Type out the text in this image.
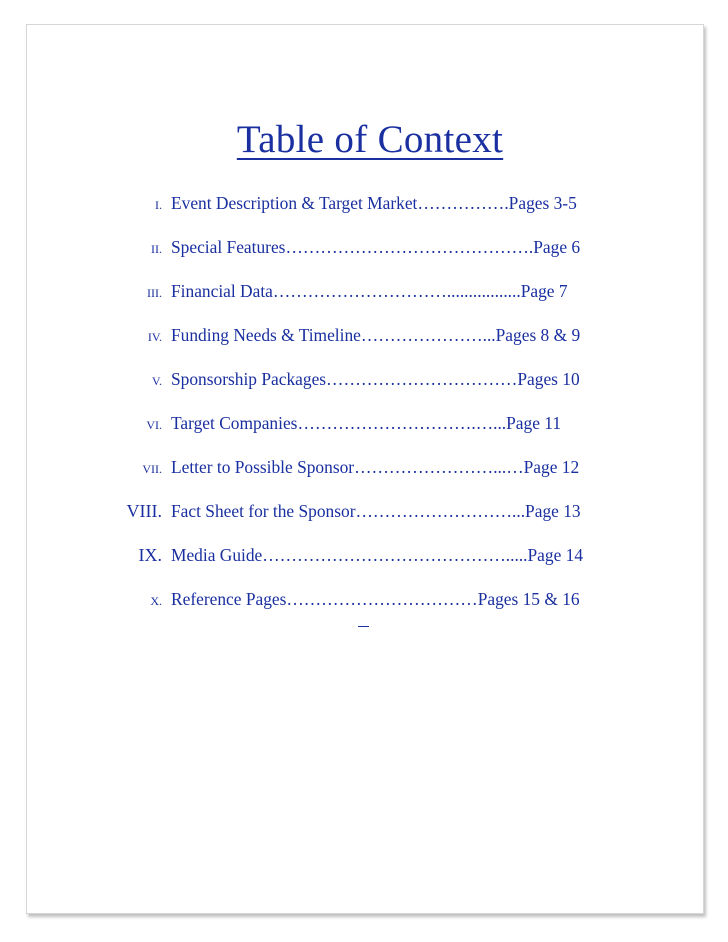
Table of Context
I. Event Description & Target Market…………….Pages 3-5
II. Special Features…………………………………….Page 6
III. Financial Data………………………….................Page 7
IV. Funding Needs & Timeline…………………...Pages 8 & 9
V. Sponsorship Packages……………………………Pages 10
VI. Target Companies………………………….…...Page 11
VII. Letter to Possible Sponsor……………………...…Page 12
VIII. Fact Sheet for the Sponsor………………………...Page 13
IX. Media Guide…………………………………….....Page 14
X. Reference Pages……………………………Pages 15 & 16
